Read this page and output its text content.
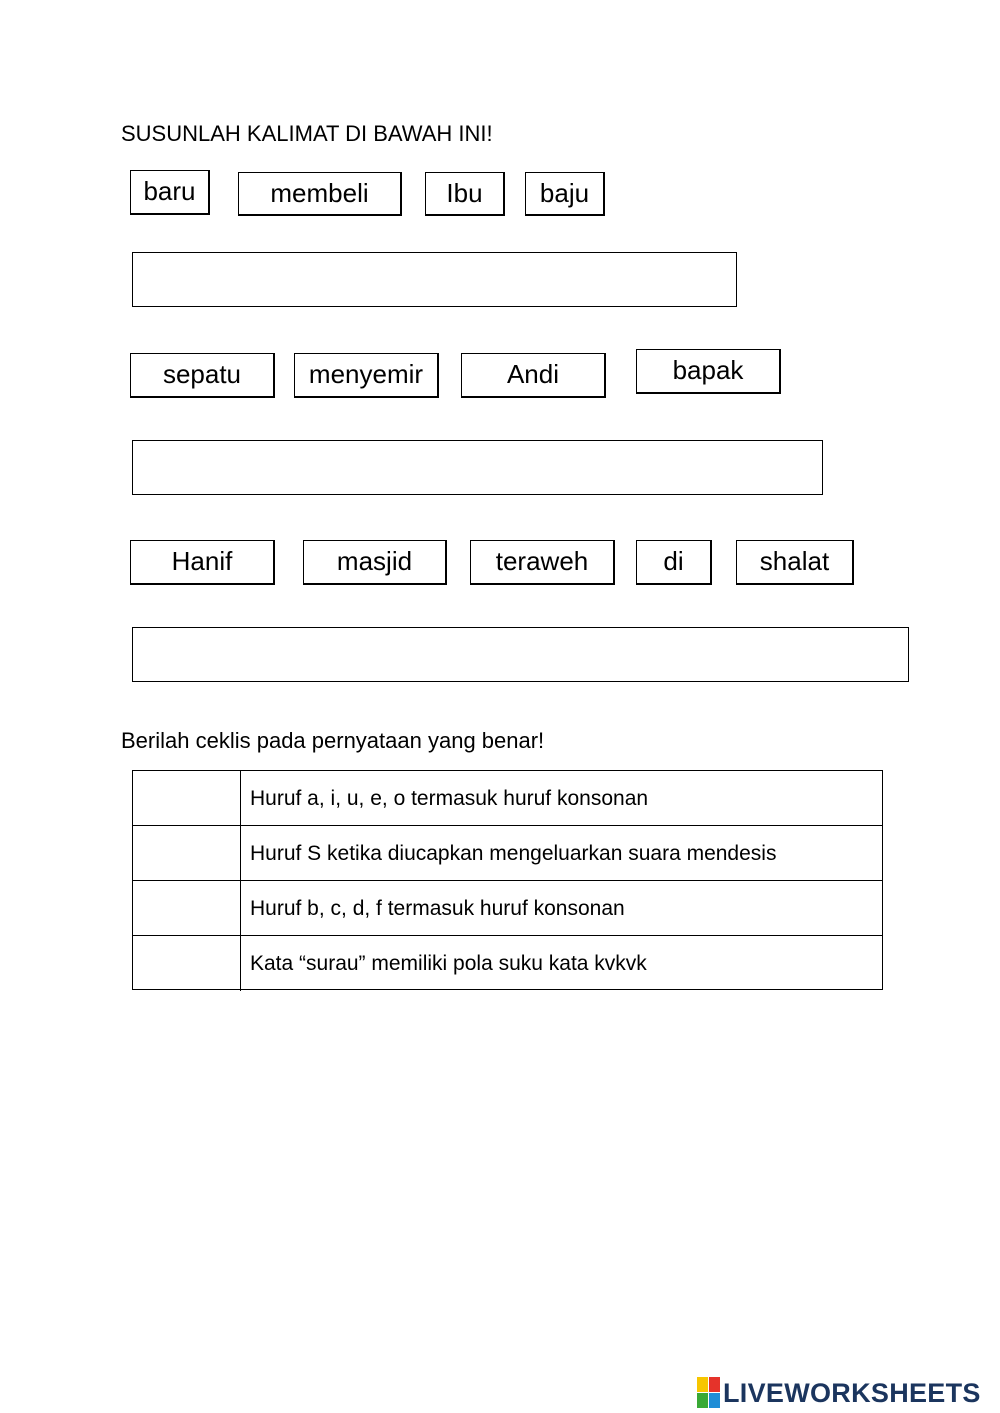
SUSUNLAH KALIMAT DI BAWAH INI!
baru	membeli	Ibu	baju
sepatu	menyemir	Andi	bapak
Hanif	masjid	teraweh	di	shalat
Berilah ceklis pada pernyataan yang benar!
Huruf a, i, u, e, o termasuk huruf konsonan
Huruf S ketika diucapkan mengeluarkan suara mendesis
Huruf b, c, d, f termasuk huruf konsonan
Kata “surau” memiliki pola suku kata kvkvk
LIVEWORKSHEETS
